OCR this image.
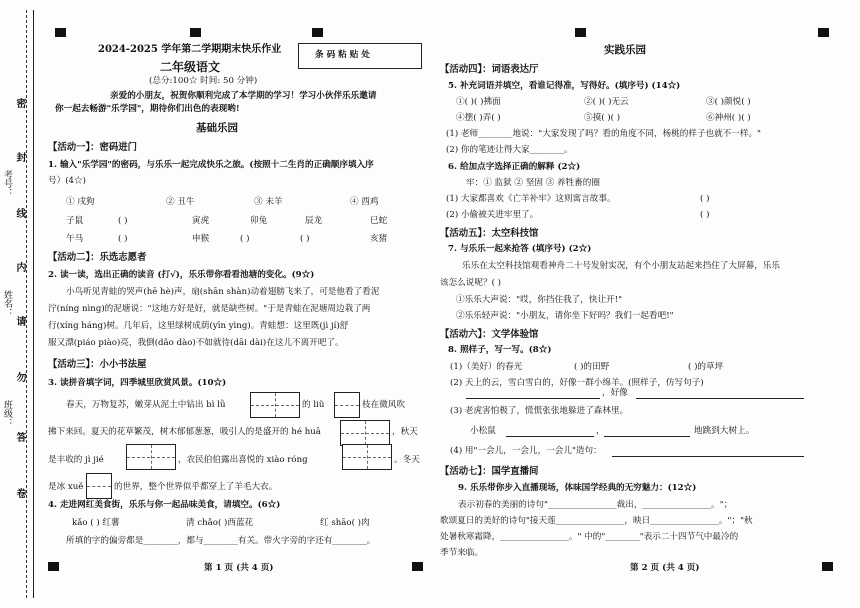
密
封
线
内
请
勿
答
卷
考号：
姓名：
班级：
2024-2025 学年第二学期期末快乐作业
二年级语文
(总分:100☆ 时间: 50 分钟)
条 码 粘 贴 处
亲爱的小朋友，祝贺你顺利完成了本学期的学习！学习小伙伴乐乐邀请
你一起去畅游"乐学园"，期待你们出色的表现哟!
基础乐园
【活动一】：密码进门
1. 输入"乐学园"的密码，与乐乐一起完成快乐之旅。(按照十二生肖的正确顺序填入序
号）(4☆)
① 戌狗	② 丑牛	③ 未羊	④ 酉鸡
子鼠	( )	寅虎	卯兔	辰龙	巳蛇
午马	( )	申猴	( )	( )	亥猪
【活动二】：乐选志愿者
2. 读一读，选出正确的读音 (打√)，乐乐带你看看池塘的变化。(9☆)
小鸟听见青蛙的哭声(hē hè)声，扇(shān shàn)动着翅膀飞来了，可是他看了看泥
泞(níng nìng)的泥塘说："这地方好是好，就是缺些树。"于是青蛙在泥塘周边栽了两
行(xíng háng)树。几年后，这里绿树成荫(yīn yìng)。青蛙想：这里既(jì jí)舒
服又漂(piáo piào)亮，我倒(dǎo dào)不如就待(dāi dài)在这儿不离开吧了。
【活动三】：小小书法屋
3. 读拼音填字词，四季城里欣赏风景。(10☆)
春天，万物复苏，嫩芽从泥土中钻出 bì lǜ	的 liǔ	枝在微风吹
拂下来回。夏天的花草繁茂，树木郁郁葱葱，吸引人的是盛开的 hé huā	，秋天
是丰收的 jì jié	，农民伯伯露出喜悦的 xiào róng	。冬天
是冰 xuě	的世界，整个世界似乎都穿上了羊毛大衣。
4. 走进网红美食街，乐乐与你一起品味美食，请填空。(6☆)
kǎo ( ) 红薯	清 chǎo( )西蓝花	红 shāo( )肉
所填的字的偏旁都是________，都与________有关。带火字旁的字还有________。
第 1 页 (共 4 页)
实践乐园
【活动四】：词语表达厅
5. 补充词语并填空，看谁记得准，写得好。(填序号) (14☆)
①( )( )拂面	②( )( )无云	③( )颜悦( )
④摆( )弄( )	⑤摸( )( )	⑥神州( )( )
(1) 老师________地说："大家发现了吗？看的角度不同，杨桃的样子也就不一样。"
(2) 你的笔迹让得大家________。
6. 给加点字选择正确的解释 (2☆)
牢：① 监狱 ② 坚固 ③ 养牲畜的圈
(1) 大家都喜欢《亡羊补牢》这则寓言故事。	( )
(2) 小偷被关进牢里了。	( )
【活动五】：太空科技馆
7. 与乐乐一起来抢答 (填序号) (2☆)
乐乐在太空科技馆观看神舟二十号发射实况，有个小朋友站起来挡住了大屏幕，乐乐
该怎么说呢？( )
①乐乐大声说："哎，你挡住我了，快让开!"
②乐乐轻声说："小朋友，请你坐下好吗？我们一起看吧!"
【活动六】：文学体验馆
8. 照样子，写一写。(8☆)
(1)（美好）的春光	( )的田野	( )的草坪
(2) 天上的云，雪白雪白的，好像一群小绵羊。(照样子，仿写句子)
，好像
(3) 老虎害怕极了，慌慌张张地躲进了森林里。
小松鼠	，	地跳到大树上。
(4) 用"一会儿，一会儿，一会儿"造句：
【活动七】：国学直播间
9. 乐乐带你步入直播现场，体味国学经典的无穷魅力：(12☆)
表示初春的美丽的诗句"________________裁出，________________。"；
歌颂夏日的美好的诗句"接天莲________________，映日________________。"；"秋
处暑秋寒霜降，________________。" 中的"________"表示二十四节气中最冷的
季节来临。
第 2 页 (共 4 页)
